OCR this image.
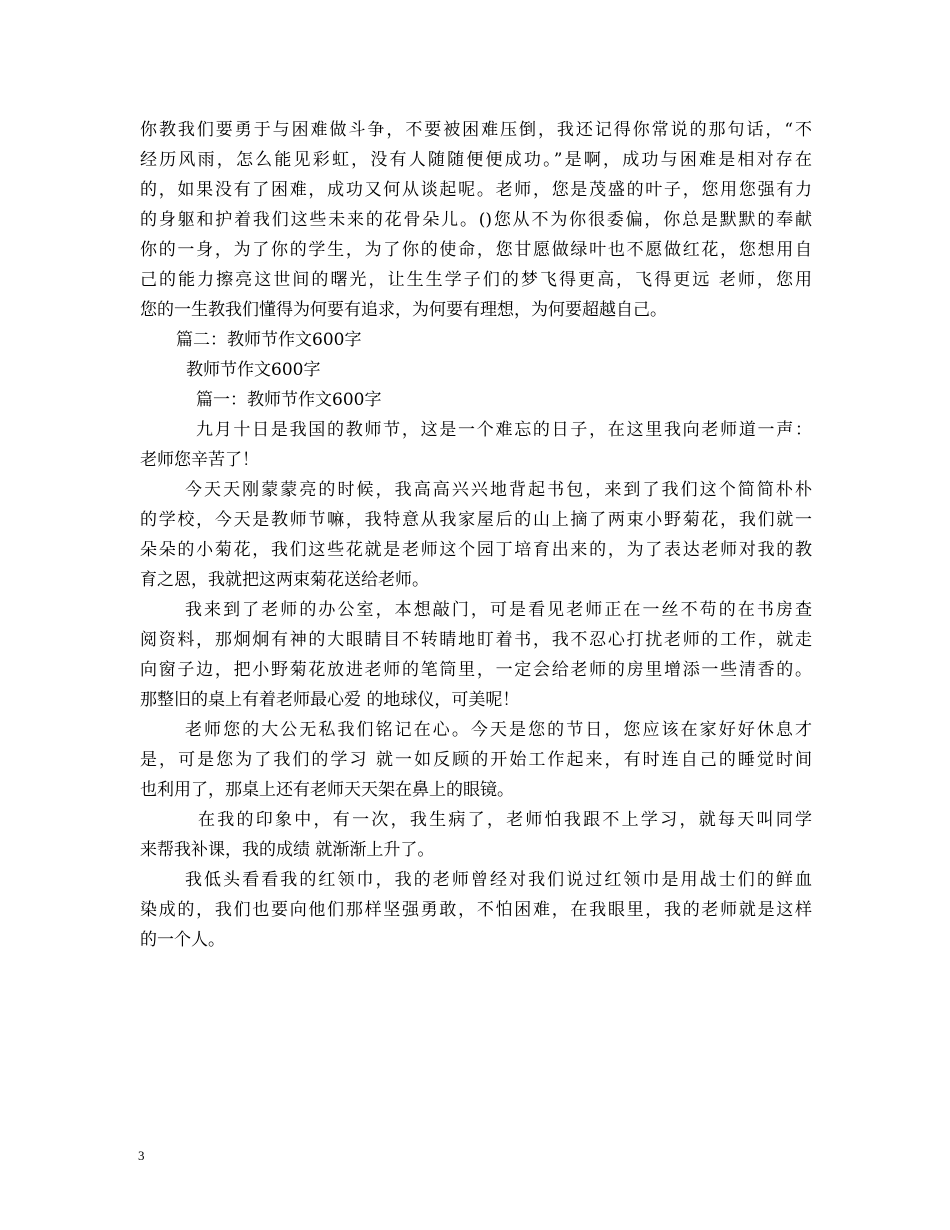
你教我们要勇于与困难做斗争，不要被困难压倒，我还记得你常说的那句话，“不
经历风雨，怎么能见彩虹，没有人随随便便成功。”是啊，成功与困难是相对存在
的，如果没有了困难，成功又何从谈起呢。老师，您是茂盛的叶子，您用您强有力
的身躯和护着我们这些未来的花骨朵儿。()您从不为你很委偏，你总是默默的奉献
你的一身，为了你的学生，为了你的使命，您甘愿做绿叶也不愿做红花，您想用自
己的能力擦亮这世间的曙光，让生生学子们的梦飞得更高，飞得更远 老师，您用
您的一生教我们懂得为何要有追求，为何要有理想，为何要超越自己。
篇二：教师节作文600字
教师节作文600字
篇一：教师节作文600字
九月十日是我国的教师节，这是一个难忘的日子，在这里我向老师道一声：
老师您辛苦了！
今天天刚蒙蒙亮的时候，我高高兴兴地背起书包，来到了我们这个简简朴朴
的学校，今天是教师节嘛，我特意从我家屋后的山上摘了两束小野菊花，我们就一
朵朵的小菊花，我们这些花就是老师这个园丁培育出来的，为了表达老师对我的教
育之恩，我就把这两束菊花送给老师。
我来到了老师的办公室，本想敲门，可是看见老师正在一丝不苟的在书房查
阅资料，那炯炯有神的大眼睛目不转睛地盯着书，我不忍心打扰老师的工作，就走
向窗子边，把小野菊花放进老师的笔筒里，一定会给老师的房里增添一些清香的。
那整旧的桌上有着老师最心爱 的地球仪，可美呢！
老师您的大公无私我们铭记在心。今天是您的节日，您应该在家好好休息才
是，可是您为了我们的学习 就一如反顾的开始工作起来，有时连自己的睡觉时间
也利用了，那桌上还有老师天天架在鼻上的眼镜。
在我的印象中，有一次，我生病了，老师怕我跟不上学习，就每天叫同学
来帮我补课，我的成绩 就渐渐上升了。
我低头看看我的红领巾，我的老师曾经对我们说过红领巾是用战士们的鲜血
染成的，我们也要向他们那样坚强勇敢，不怕困难，在我眼里，我的老师就是这样
的一个人。
3
